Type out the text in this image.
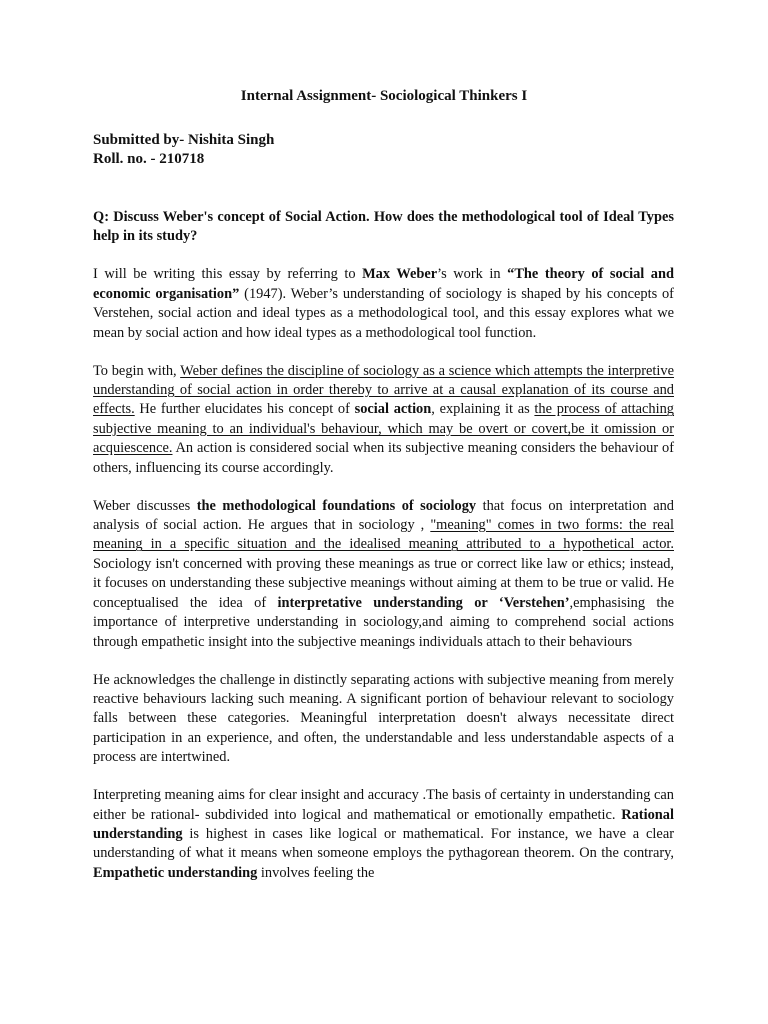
Internal Assignment- Sociological Thinkers I
Submitted by- Nishita Singh
Roll. no. - 210718

Q: Discuss Weber's concept of Social Action. How does the methodological tool of Ideal Types help in its study?

I will be writing this essay by referring to Max Weber’s work in “The theory of social and economic organisation” (1947). Weber’s understanding of sociology is shaped by his concepts of Verstehen, social action and ideal types as a methodological tool, and this essay explores what we mean by social action and how ideal types as a methodological tool function.

To begin with, Weber defines the discipline of sociology as a science which attempts the interpretive understanding of social action in order thereby to arrive at a causal explanation of its course and effects. He further elucidates his concept of social action, explaining it as the process of attaching subjective meaning to an individual's behaviour, which may be overt or covert,be it omission or acquiescence. An action is considered social when its subjective meaning considers the behaviour of others, influencing its course accordingly.

Weber discusses the methodological foundations of sociology that focus on interpretation and analysis of social action. He argues that in sociology , "meaning" comes in two forms: the real meaning in a specific situation and the idealised meaning attributed to a hypothetical actor. Sociology isn't concerned with proving these meanings as true or correct like law or ethics; instead, it focuses on understanding these subjective meanings without aiming at them to be true or valid. He conceptualised the idea of interpretative understanding or ‘Verstehen’,emphasising the importance of interpretive understanding in sociology,and aiming to comprehend social actions through empathetic insight into the subjective meanings individuals attach to their behaviours

He acknowledges the challenge in distinctly separating actions with subjective meaning from merely reactive behaviours lacking such meaning. A significant portion of behaviour relevant to sociology falls between these categories. Meaningful interpretation doesn't always necessitate direct participation in an experience, and often, the understandable and less understandable aspects of a process are intertwined.

Interpreting meaning aims for clear insight and accuracy .The basis of certainty in understanding can either be rational- subdivided into logical and mathematical or emotionally empathetic. Rational understanding is highest in cases like logical or mathematical. For instance, we have a clear understanding of what it means when someone employs the pythagorean theorem. On the contrary, Empathetic understanding involves feeling the
